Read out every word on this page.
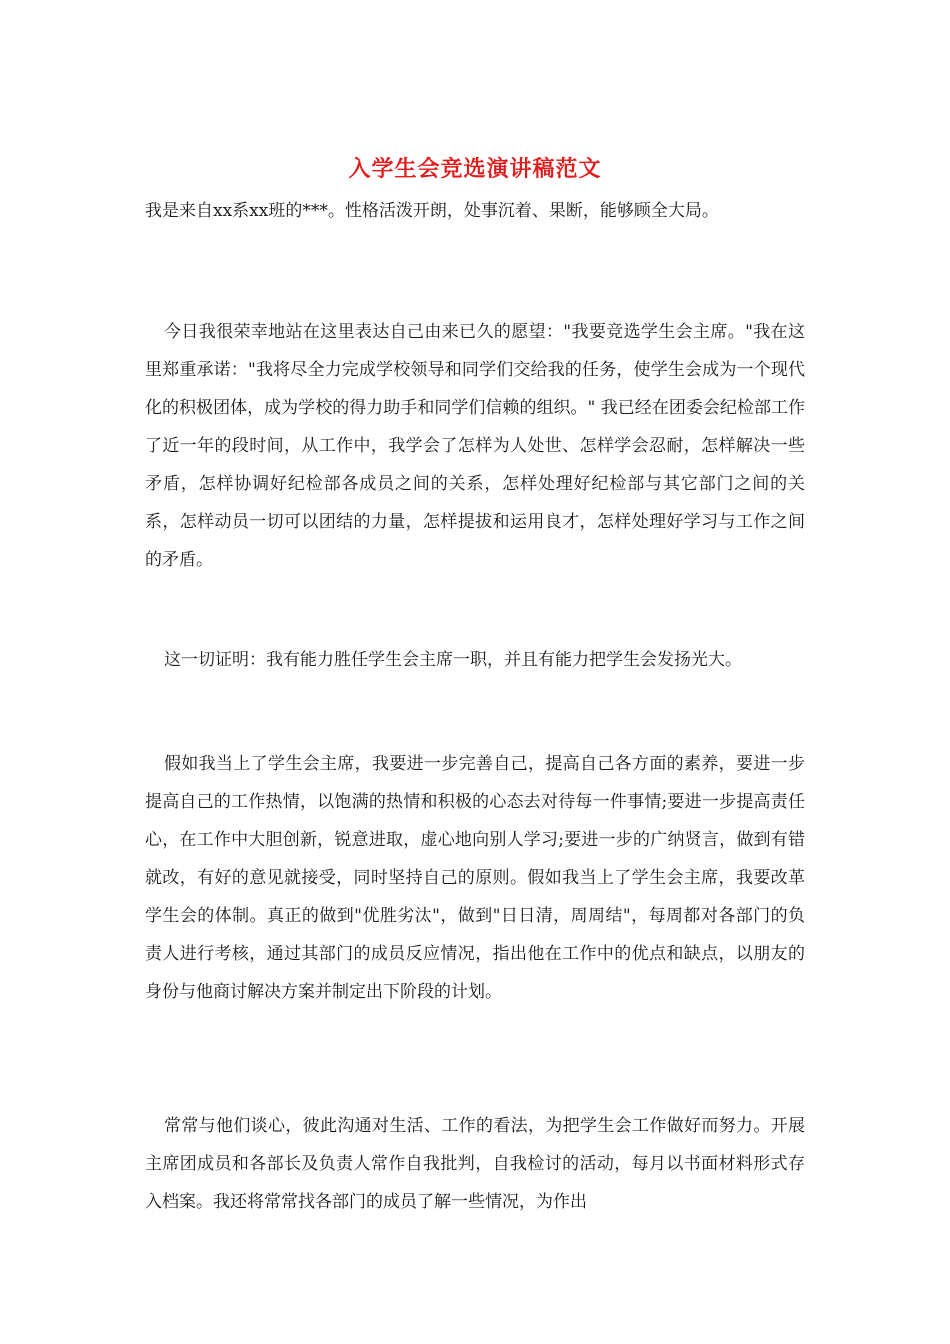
入学生会竞选演讲稿范文
我是来自xx系xx班的***。性格活泼开朗，处事沉着、果断，能够顾全大局。

今日我很荣幸地站在这里表达自己由来已久的愿望："我要竞选学生会主席。"我在这里郑重承诺："我将尽全力完成学校领导和同学们交给我的任务，使学生会成为一个现代化的积极团体，成为学校的得力助手和同学们信赖的组织。" 我已经在团委会纪检部工作了近一年的段时间，从工作中，我学会了怎样为人处世、怎样学会忍耐，怎样解决一些矛盾，怎样协调好纪检部各成员之间的关系，怎样处理好纪检部与其它部门之间的关系，怎样动员一切可以团结的力量，怎样提拔和运用良才，怎样处理好学习与工作之间的矛盾。

这一切证明：我有能力胜任学生会主席一职，并且有能力把学生会发扬光大。

假如我当上了学生会主席，我要进一步完善自己，提高自己各方面的素养，要进一步提高自己的工作热情，以饱满的热情和积极的心态去对待每一件事情;要进一步提高责任心，在工作中大胆创新，锐意进取，虚心地向别人学习;要进一步的广纳贤言，做到有错就改，有好的意见就接受，同时坚持自己的原则。假如我当上了学生会主席，我要改革学生会的体制。真正的做到"优胜劣汰"，做到"日日清，周周结"，每周都对各部门的负责人进行考核，通过其部门的成员反应情况，指出他在工作中的优点和缺点，以朋友的身份与他商讨解决方案并制定出下阶段的计划。

常常与他们谈心，彼此沟通对生活、工作的看法，为把学生会工作做好而努力。开展主席团成员和各部长及负责人常作自我批判，自我检讨的活动，每月以书面材料形式存入档案。我还将常常找各部门的成员了解一些情况，为作出
